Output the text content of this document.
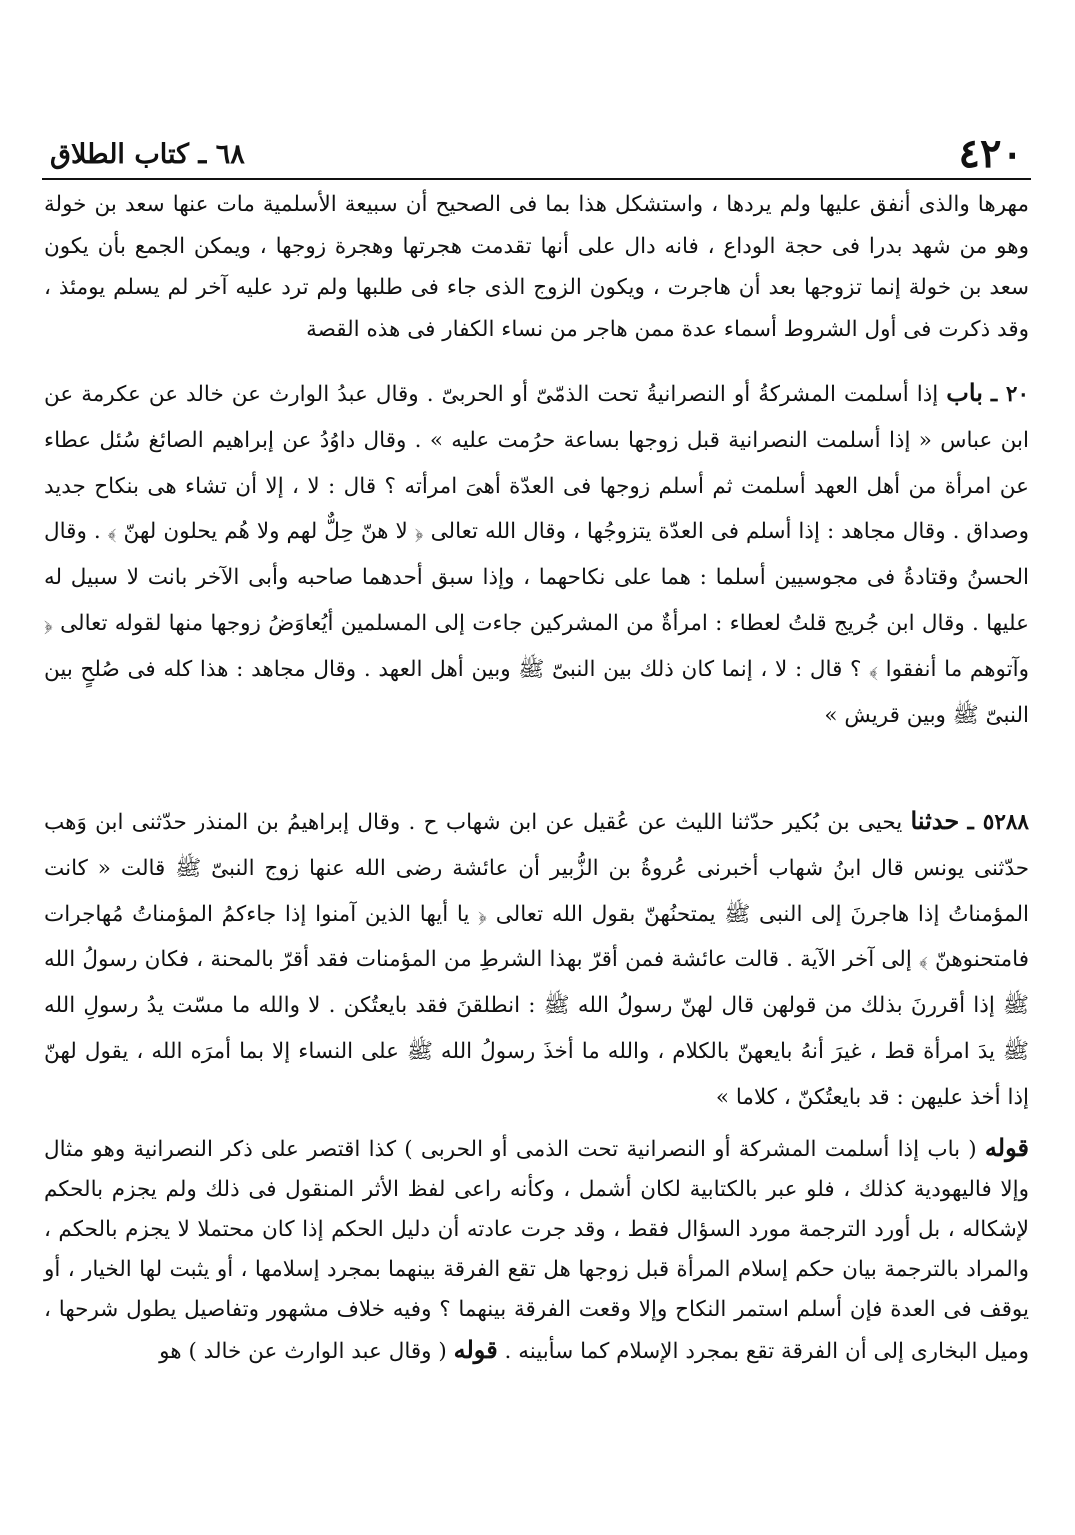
٤٢٠
٦٨ ـ كتاب الطلاق

مهرها والذى أنفق عليها ولم يردها ، واستشكل هذا بما فى الصحيح أن سبيعة الأسلمية مات عنها سعد بن خولة وهو من شهد بدرا فى حجة الوداع ، فانه دال على أنها تقدمت هجرتها وهجرة زوجها ، ويمكن الجمع بأن يكون سعد بن خولة إنما تزوجها بعد أن هاجرت ، ويكون الزوج الذى جاء فى طلبها ولم ترد عليه آخر لم يسلم يومئذ ، وقد ذكرت فى أول الشروط أسماء عدة ممن هاجر من نساء الكفار فى هذه القصة

٢٠ ـ باب إذا أسلمت المشركةُ أو النصرانيةُ تحت الذمّىّ أو الحربىّ . وقال عبدُ الوارث عن خالد عن عكرمة عن ابن عباس « إذا أسلمت النصرانية قبل زوجها بساعة حرُمت عليه » . وقال داوُدُ عن إبراهيم الصائغ سُئل عطاء عن امرأة من أهل العهد أسلمت ثم أسلم زوجها فى العدّة أهىَ امرأته ؟ قال : لا ، إلا أن تشاء هى بنكاح جديد وصداق . وقال مجاهد : إذا أسلم فى العدّة يتزوجُها ، وقال الله تعالى ﴿ لا هنّ حِلٌّ لهم ولا هُم يحلون لهنّ ﴾ . وقال الحسنُ وقتادةُ فى مجوسيين أسلما : هما على نكاحهما ، وإذا سبق أحدهما صاحبه وأبى الآخر بانت لا سبيل له عليها . وقال ابن جُريج قلتُ لعطاء : امرأةٌ من المشركين جاءت إلى المسلمين أيُعاوَضُ زوجها منها لقوله تعالى ﴿ وآتوهم ما أنفقوا ﴾ ؟ قال : لا ، إنما كان ذلك بين النبىّ ﷺ وبين أهل العهد . وقال مجاهد : هذا كله فى صُلحٍ بين النبىّ ﷺ وبين قريش »

٥٢٨٨ ـ حدثنا يحيى بن بُكير حدّثنا الليث عن عُقيل عن ابن شهاب ح . وقال إبراهيمُ بن المنذر حدّثنى ابن وَهب حدّثنى يونس قال ابنُ شهاب أخبرنى عُروةُ بن الزُّبير أن عائشة رضى الله عنها زوج النبىّ ﷺ قالت « كانت المؤمناتُ إذا هاجرنَ إلى النبى ﷺ يمتحنُهنّ بقول الله تعالى ﴿ يا أيها الذين آمنوا إذا جاءكمُ المؤمناتُ مُهاجرات فامتحنوهنّ ﴾ إلى آخر الآية . قالت عائشة فمن أقرّ بهذا الشرطِ من المؤمنات فقد أقرّ بالمحنة ، فكان رسولُ الله ﷺ إذا أقررنَ بذلك من قولهن قال لهنّ رسولُ الله ﷺ : انطلقنَ فقد بايعتُكن . لا والله ما مسّت يدُ رسولِ الله ﷺ يدَ امرأة قط ، غيرَ أنهُ بايعهنّ بالكلام ، والله ما أخذَ رسولُ الله ﷺ على النساء إلا بما أمرَه الله ، يقول لهنّ إذا أخذ عليهن : قد بايعتُكنّ ، كلاما »

قوله ( باب إذا أسلمت المشركة أو النصرانية تحت الذمى أو الحربى ) كذا اقتصر على ذكر النصرانية وهو مثال وإلا فاليهودية كذلك ، فلو عبر بالكتابية لكان أشمل ، وكأنه راعى لفظ الأثر المنقول فى ذلك ولم يجزم بالحكم لإشكاله ، بل أورد الترجمة مورد السؤال فقط ، وقد جرت عادته أن دليل الحكم إذا كان محتملا لا يجزم بالحكم ، والمراد بالترجمة بيان حكم إسلام المرأة قبل زوجها هل تقع الفرقة بينهما بمجرد إسلامها ، أو يثبت لها الخيار ، أو يوقف فى العدة فإن أسلم استمر النكاح وإلا وقعت الفرقة بينهما ؟ وفيه خلاف مشهور وتفاصيل يطول شرحها ، وميل البخارى إلى أن الفرقة تقع بمجرد الإسلام كما سأبينه . قوله ( وقال عبد الوارث عن خالد ) هو
